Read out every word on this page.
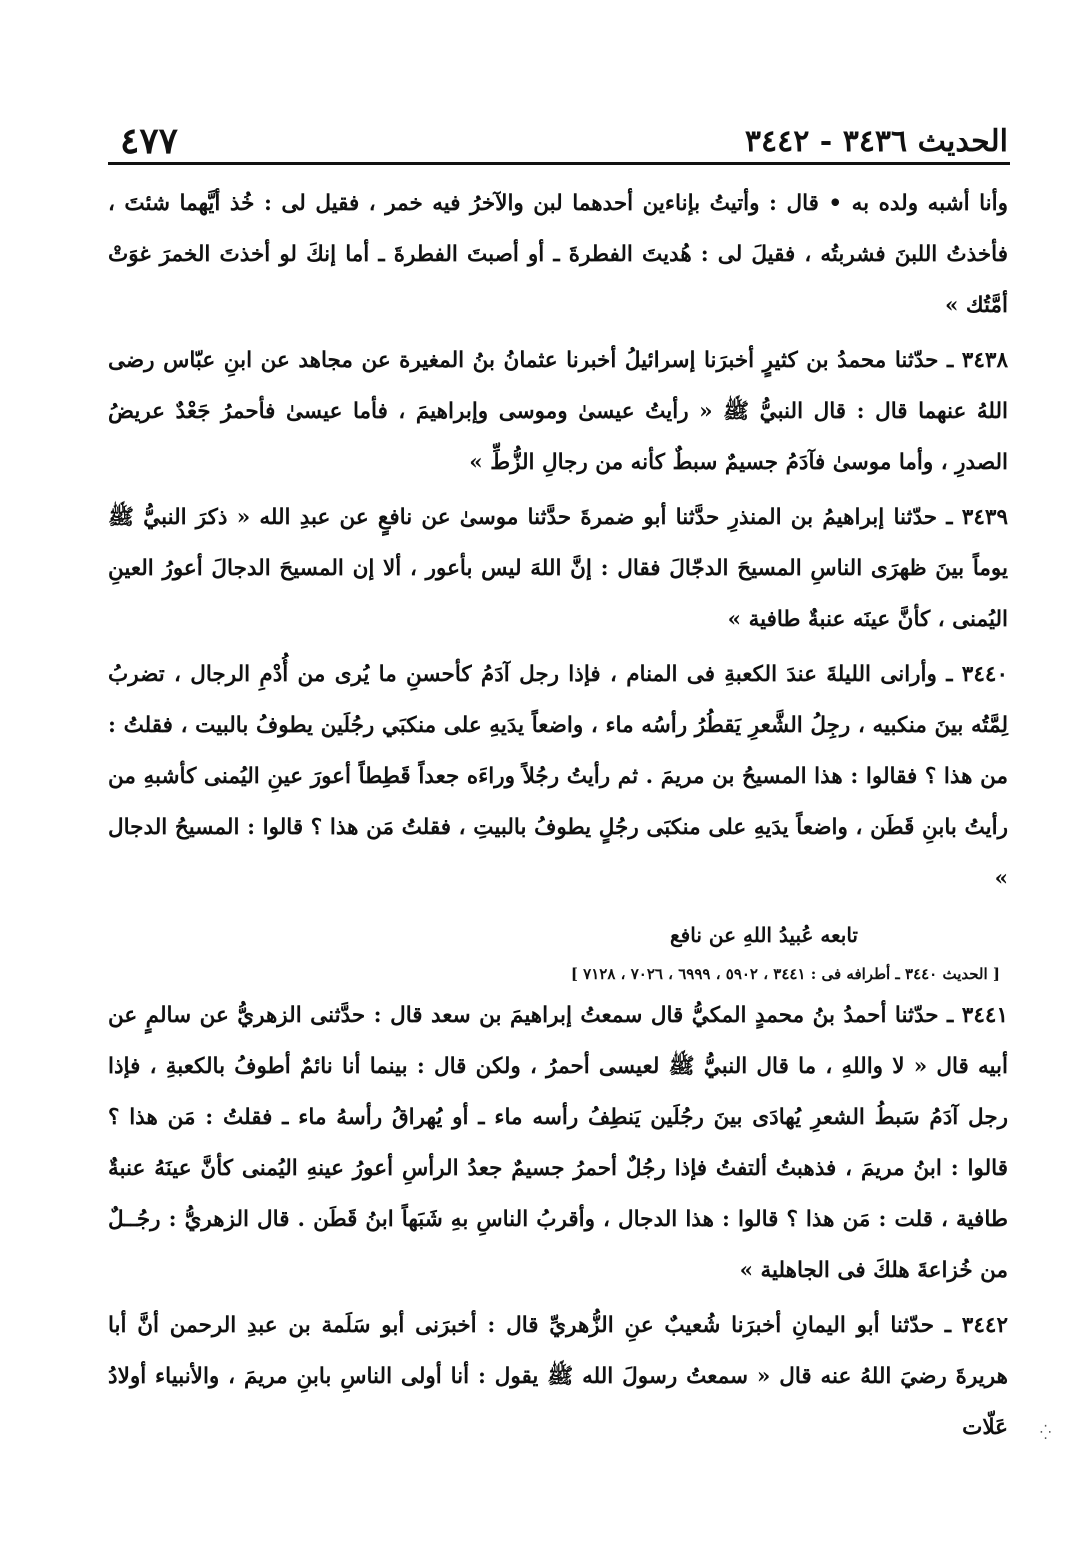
الحديث ٣٤٣٦ - ٣٤٤٢
٤٧٧

وأنا أشبه ولده به • قال : وأتيتُ بإناءين أحدهما لبن والآخرُ فيه خمر ، فقيل لى : خُذ أيَّهما شئتَ ، فأخذتُ اللبنَ فشربتُه ، فقيلَ لى : هُديتَ الفطرةَ ـ أو أصبتَ الفطرةَ ـ أما إنكَ لو أخذتَ الخمرَ غوَتْ أمَّتُك »

٣٤٣٨ ـ حدّثنا محمدُ بن كثيرٍ أخبرَنا إسرائيلُ أخبرنا عثمانُ بنُ المغيرة عن مجاهد عن ابنِ عبّاس رضى اللهُ عنهما قال : قال النبيُّ ﷺ « رأيتُ عيسىٰ وموسى وإبراهيمَ ، فأما عيسىٰ فأحمرُ جَعْدٌ عريضُ الصدرِ ، وأما موسىٰ فآدَمُ جسيمٌ سبطٌ كأنه من رجالِ الزُّطِّ »

٣٤٣٩ ـ حدّثنا إبراهيمُ بن المنذرِ حدَّثنا أبو ضمرةَ حدَّثنا موسىٰ عن نافعٍ عن عبدِ الله « ذكرَ النبيُّ ﷺ يوماً بينَ ظهرَى الناسِ المسيحَ الدجّالَ فقال : إنَّ اللهَ ليس بأعور ، ألا إن المسيحَ الدجالَ أعورُ العينِ اليُمنى ، كأنَّ عينَه عنبةٌ طافية »

٣٤٤٠ ـ وأرانى الليلةَ عندَ الكعبةِ فى المنام ، فإذا رجل آدَمُ كأحسنِ ما يُرى من أُدْمِ الرجال ، تضربُ لِمَّتُه بينَ منكبيه ، رجِلُ الشَّعرِ يَقطُرُ رأسُه ماء ، واضعاً يدَيهِ على منكبَي رجُلَين يطوفُ بالبيت ، فقلتُ : من هذا ؟ فقالوا : هذا المسيحُ بن مريمَ . ثم رأيتُ رجُلاً وراءَه جعداً قَطِطاً أعورَ عينِ اليُمنى كأشبهِ من رأيتُ بابنِ قَطَن ، واضعاً يدَيهِ على منكبَى رجُلٍ يطوفُ بالبيتِ ، فقلتُ مَن هذا ؟ قالوا : المسيحُ الدجال »

تابعه عُبيدُ اللهِ عن نافع

[ الحديث ٣٤٤٠ ـ أطرافه فى : ٣٤٤١ ، ٥٩٠٢ ، ٦٩٩٩ ، ٧٠٢٦ ، ٧١٢٨ ]

٣٤٤١ ـ حدّثنا أحمدُ بنُ محمدٍ المكيُّ قال سمعتُ إبراهيمَ بن سعد قال : حدَّثنى الزهريُّ عن سالمٍ عن أبيه قال « لا واللهِ ، ما قال النبيُّ ﷺ لعيسى أحمرُ ، ولكن قال : بينما أنا نائمٌ أطوفُ بالكعبةِ ، فإذا رجل آدَمُ سَبطُ الشعرِ يُهادَى بينَ رجُلَين يَنطِفُ رأسه ماء ـ أو يُهراقُ رأسهُ ماء ـ فقلتُ : مَن هذا ؟ قالوا : ابنُ مريمَ ، فذهبتُ ألتفتُ فإذا رجُلٌ أحمرُ جسيمٌ جعدُ الرأسِ أعورُ عينهِ اليُمنى كأنَّ عينَهُ عنبةٌ طافية ، قلت : مَن هذا ؟ قالوا : هذا الدجال ، وأقربُ الناسِ بهِ شَبَهاً ابنُ قَطَن . قال الزهريُّ : رجُــلٌ من خُزاعةَ هلكَ فى الجاهلية »

٣٤٤٢ ـ حدّثنا أبو اليمانِ أخبرَنا شُعيبٌ عنِ الزُّهريِّ قال : أخبرَنى أبو سَلَمة بن عبدِ الرحمن أنَّ أبا هريرةَ رضيَ اللهُ عنه قال « سمعتُ رسولَ الله ﷺ يقول : أنا أولى الناسِ بابنِ مريمَ ، والأنبياء أولادُ عَلّات ⁛
